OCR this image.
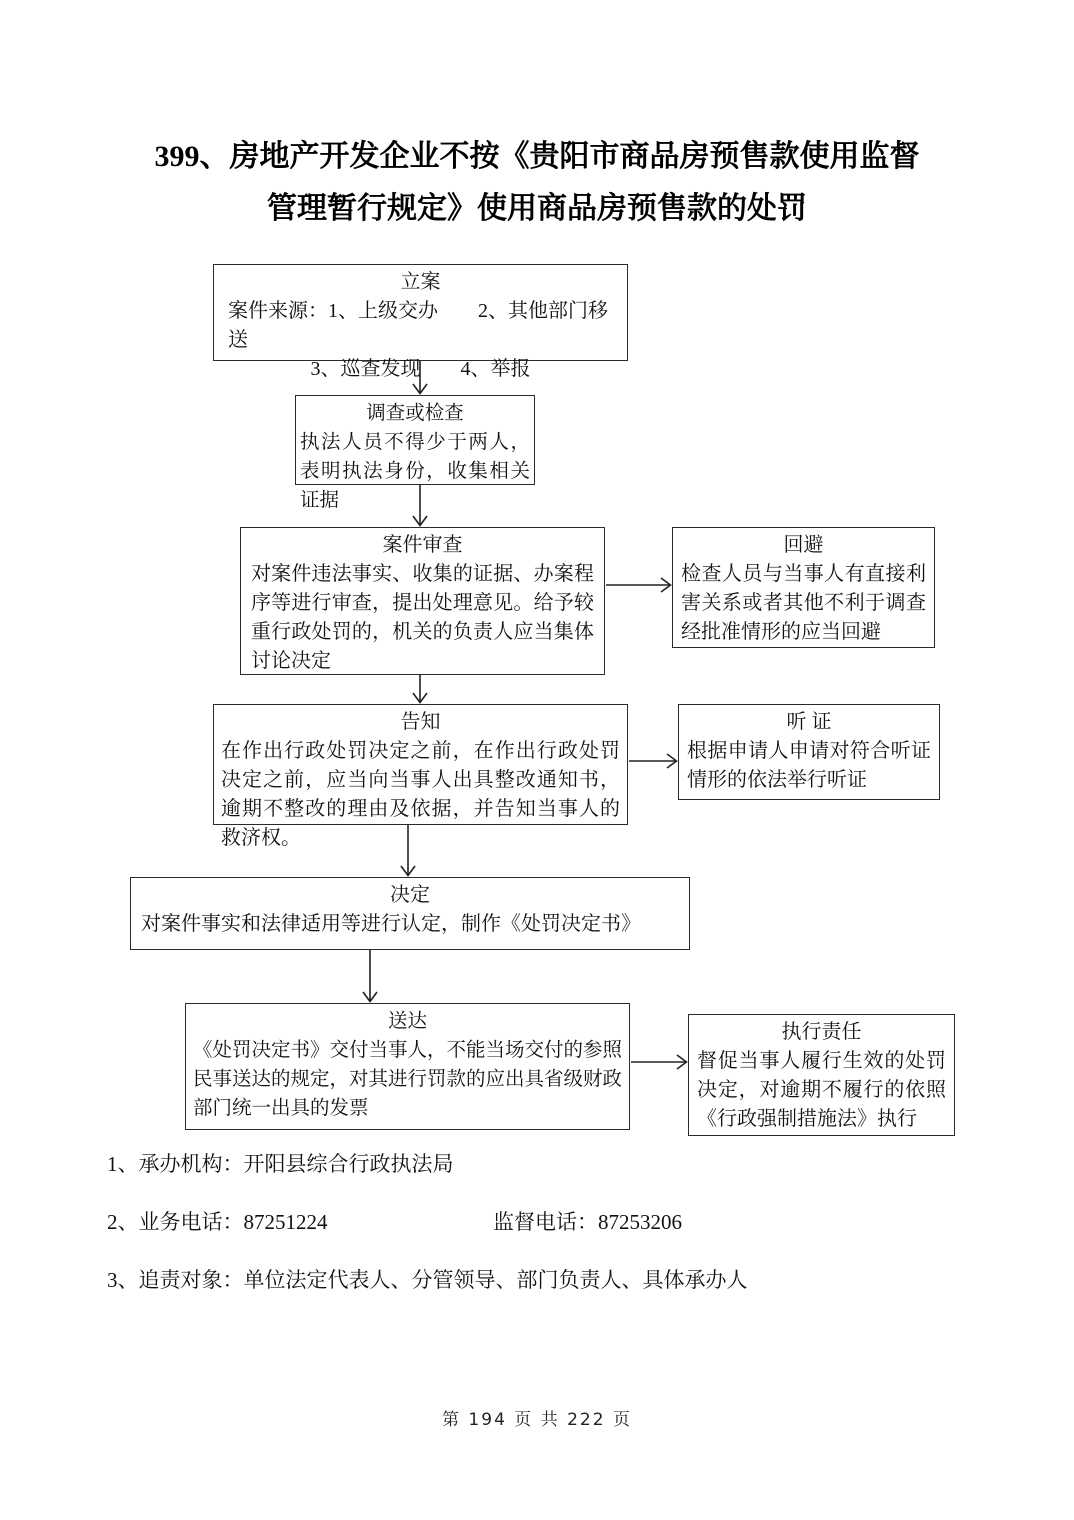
399、房地产开发企业不按《贵阳市商品房预售款使用监督
管理暂行规定》使用商品房预售款的处罚
立案
案件来源：1、上级交办　　2、其他部门移送
3、巡查发现　　4、举报
调查或检查
执法人员不得少于两人，表明执法身份，收集相关证据
案件审查
对案件违法事实、收集的证据、办案程序等进行审查，提出处理意见。给予较重行政处罚的，机关的负责人应当集体讨论决定
回避
检查人员与当事人有直接利害关系或者其他不利于调查经批准情形的应当回避
告知
在作出行政处罚决定之前，在作出行政处罚决定之前，应当向当事人出具整改通知书，逾期不整改的理由及依据，并告知当事人的救济权。
听 证
根据申请人申请对符合听证情形的依法举行听证
决定
对案件事实和法律适用等进行认定，制作《处罚决定书》
送达
《处罚决定书》交付当事人，不能当场交付的参照民事送达的规定，对其进行罚款的应出具省级财政部门统一出具的发票
执行责任
督促当事人履行生效的处罚决定，对逾期不履行的依照《行政强制措施法》执行
1、承办机构：开阳县综合行政执法局
2、业务电话：87251224	监督电话：87253206
3、追责对象：单位法定代表人、分管领导、部门负责人、具体承办人
第 194 页 共 222 页
